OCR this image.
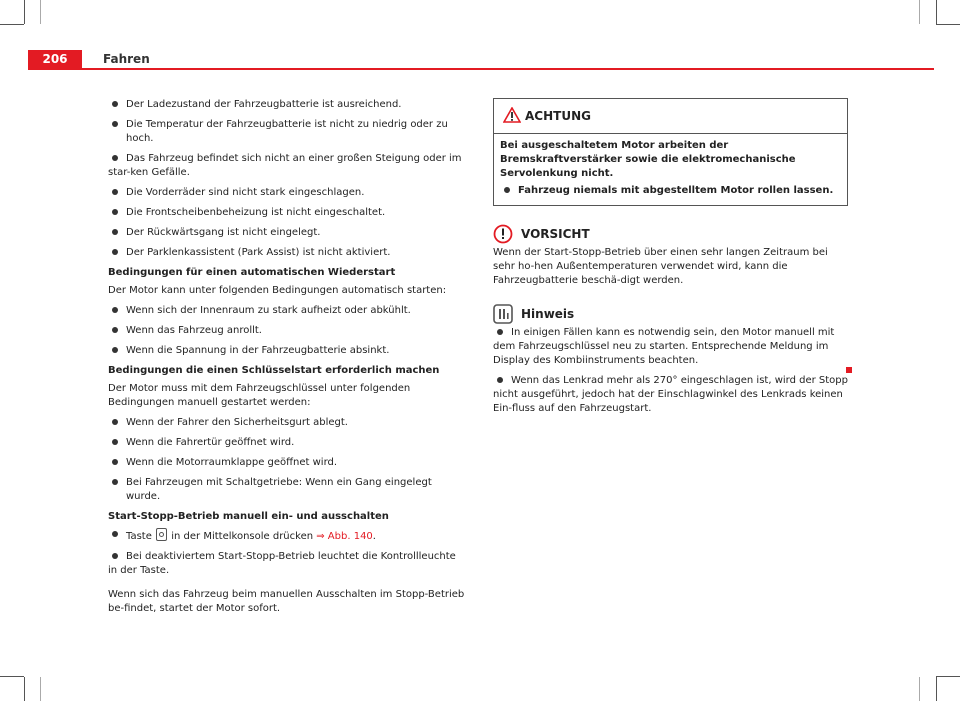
206	Fahren
Der Ladezustand der Fahrzeugbatterie ist ausreichend.
Die Temperatur der Fahrzeugbatterie ist nicht zu niedrig oder zu hoch.
Das Fahrzeug befindet sich nicht an einer großen Steigung oder im star-ken Gefälle.
Die Vorderräder sind nicht stark eingeschlagen.
Die Frontscheibenbeheizung ist nicht eingeschaltet.
Der Rückwärtsgang ist nicht eingelegt.
Der Parklenkassistent (Park Assist) ist nicht aktiviert.
Bedingungen für einen automatischen Wiederstart
Der Motor kann unter folgenden Bedingungen automatisch starten:
Wenn sich der Innenraum zu stark aufheizt oder abkühlt.
Wenn das Fahrzeug anrollt.
Wenn die Spannung in der Fahrzeugbatterie absinkt.
Bedingungen die einen Schlüsselstart erforderlich machen
Der Motor muss mit dem Fahrzeugschlüssel unter folgenden Bedingungen manuell gestartet werden:
Wenn der Fahrer den Sicherheitsgurt ablegt.
Wenn die Fahrertür geöffnet wird.
Wenn die Motorraumklappe geöffnet wird.
Bei Fahrzeugen mit Schaltgetriebe: Wenn ein Gang eingelegt wurde.
Start-Stopp-Betrieb manuell ein- und ausschalten
Taste in der Mittelkonsole drücken ⇒ Abb. 140.
Bei deaktiviertem Start-Stopp-Betrieb leuchtet die Kontrollleuchte in der Taste.
Wenn sich das Fahrzeug beim manuellen Ausschalten im Stopp-Betrieb be-findet, startet der Motor sofort.
ACHTUNG
Bei ausgeschaltetem Motor arbeiten der Bremskraftverstärker sowie die elektromechanische Servolenkung nicht.
Fahrzeug niemals mit abgestelltem Motor rollen lassen.
VORSICHT
Wenn der Start-Stopp-Betrieb über einen sehr langen Zeitraum bei sehr ho-hen Außentemperaturen verwendet wird, kann die Fahrzeugbatterie beschä-digt werden.
Hinweis
In einigen Fällen kann es notwendig sein, den Motor manuell mit dem Fahrzeugschlüssel neu zu starten. Entsprechende Meldung im Display des Kombiinstruments beachten.
Wenn das Lenkrad mehr als 270° eingeschlagen ist, wird der Stopp nicht ausgeführt, jedoch hat der Einschlagwinkel des Lenkrads keinen Ein-fluss auf den Fahrzeugstart.
